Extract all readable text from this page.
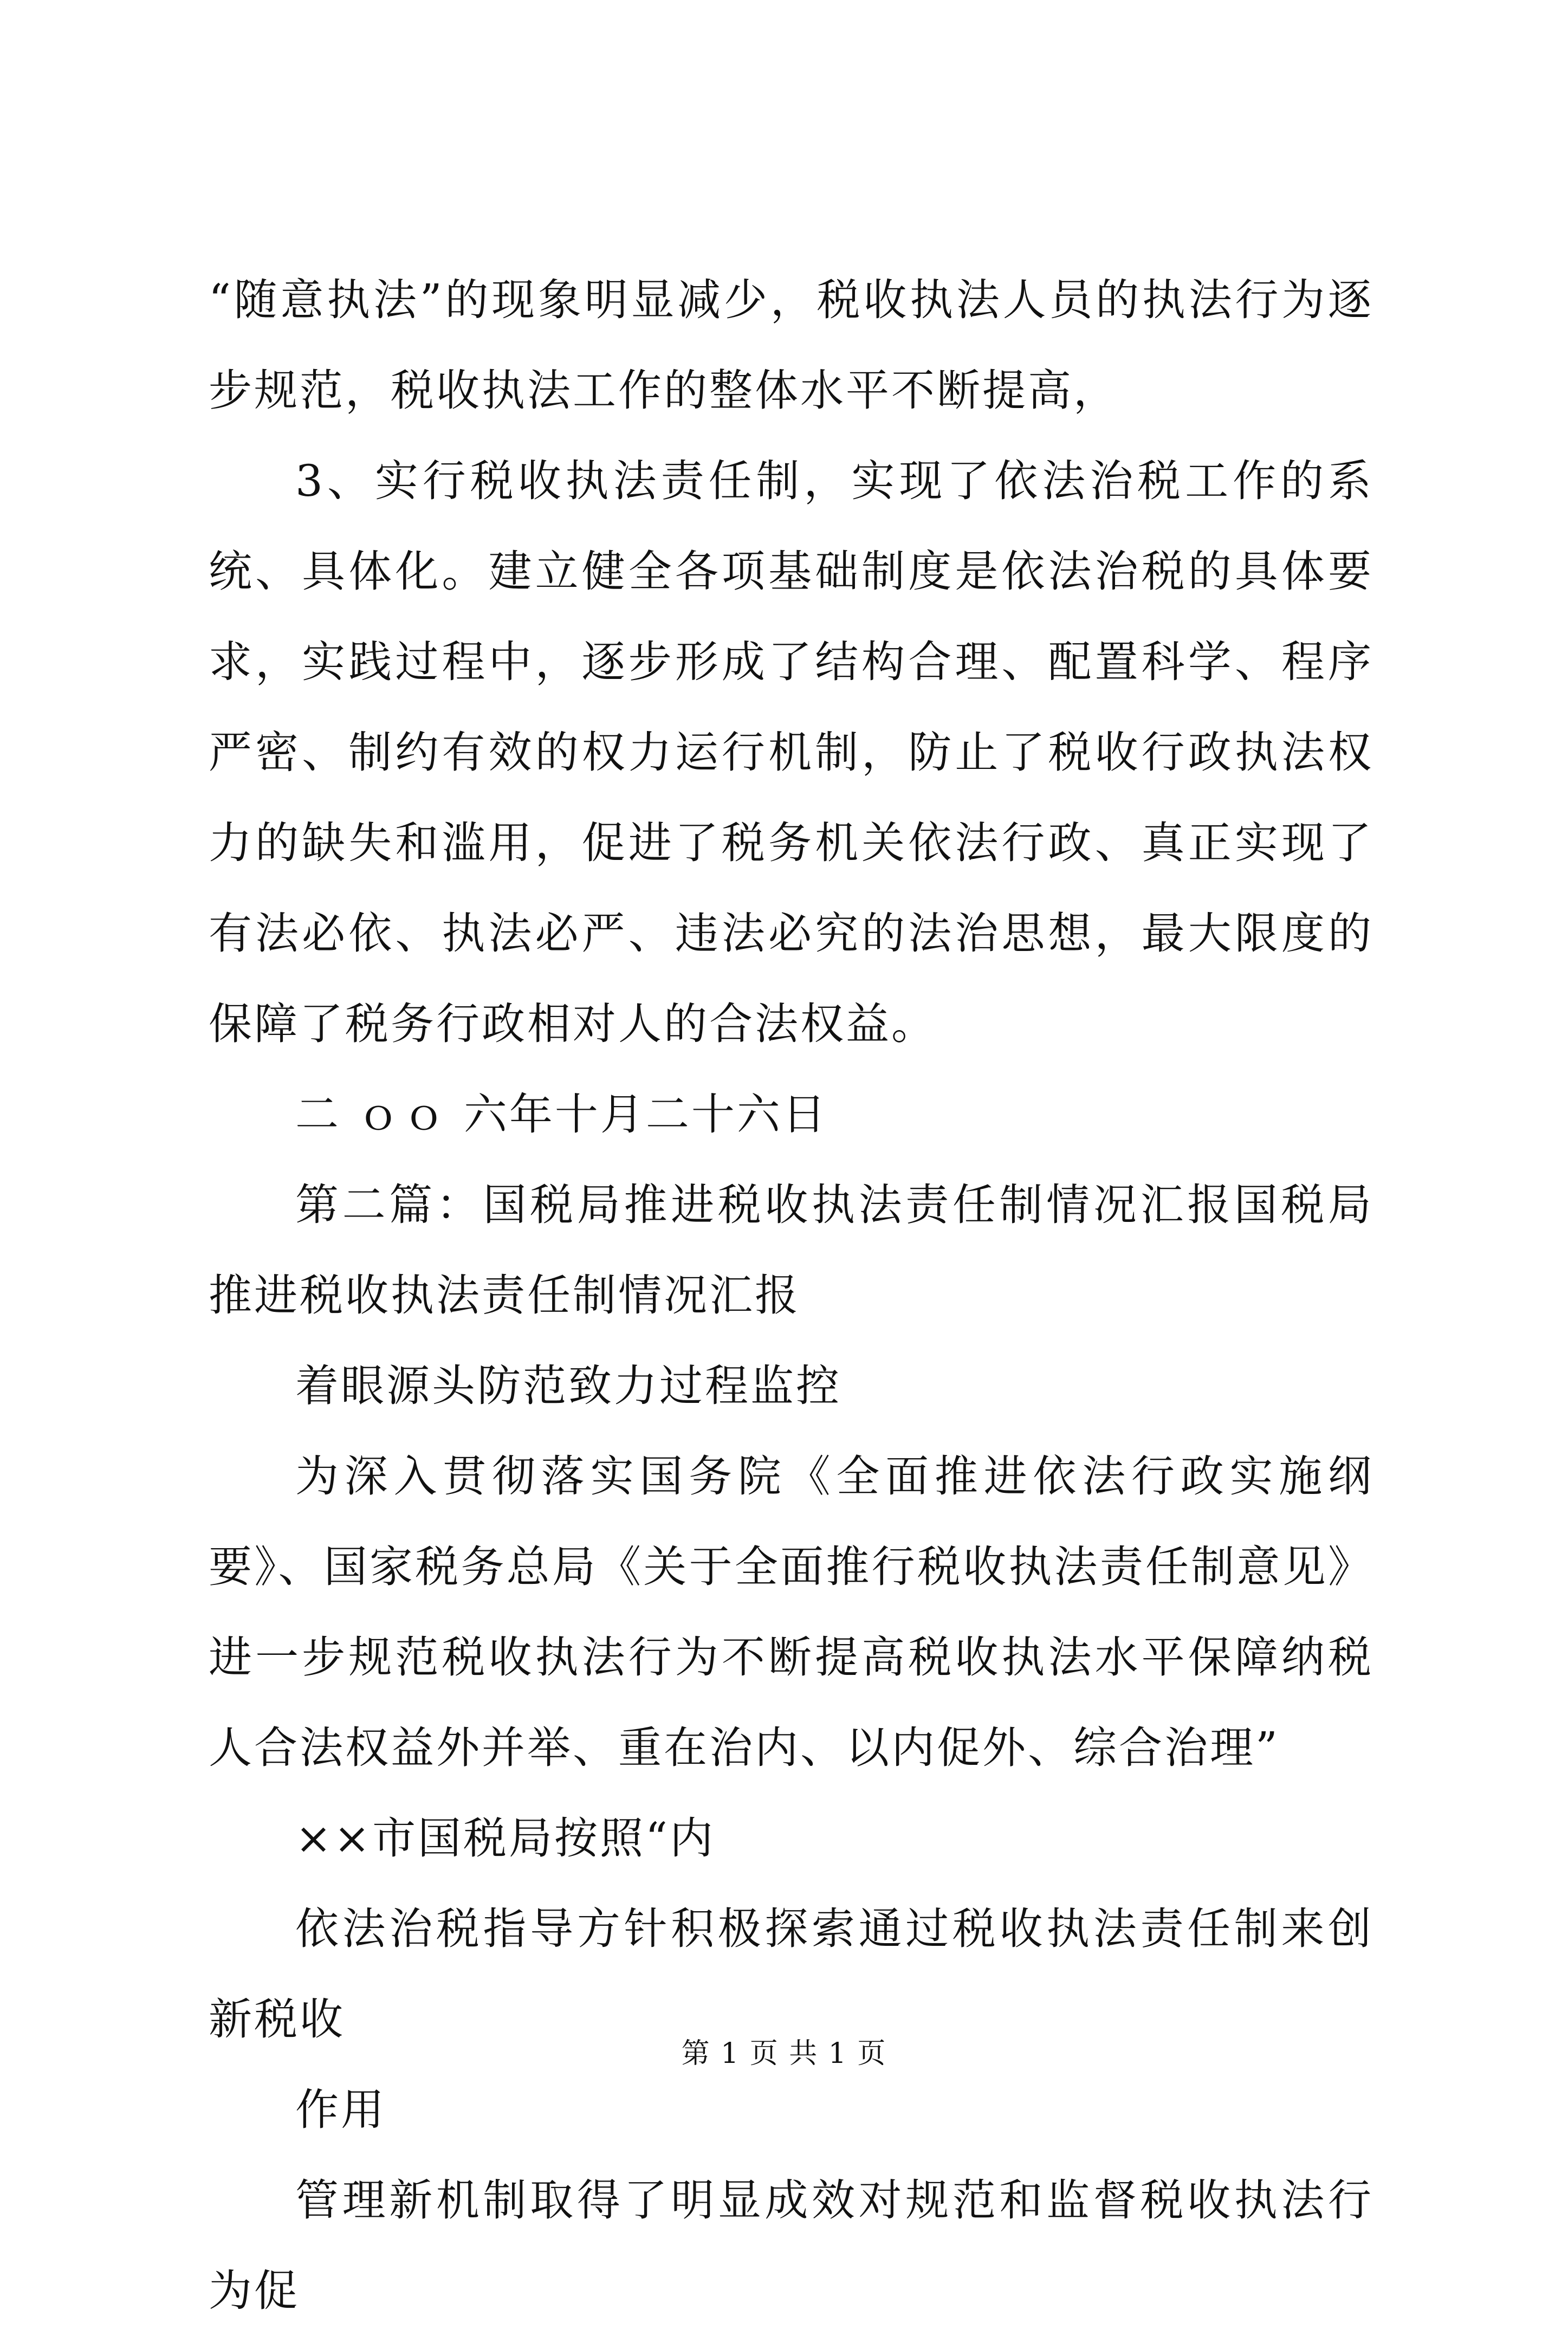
“随意执法”的现象明显减少，税收执法人员的执法行为逐步规范，税收执法工作的整体水平不断提高，

3、实行税收执法责任制，实现了依法治税工作的系统、具体化。建立健全各项基础制度是依法治税的具体要求，实践过程中，逐步形成了结构合理、配置科学、程序严密、制约有效的权力运行机制，防止了税收行政执法权力的缺失和滥用，促进了税务机关依法行政、真正实现了有法必依、执法必严、违法必究的法治思想，最大限度的保障了税务行政相对人的合法权益。

二 ｏｏ 六年十月二十六日

第二篇：国税局推进税收执法责任制情况汇报国税局推进税收执法责任制情况汇报

着眼源头防范致力过程监控

为深入贯彻落实国务院《全面推进依法行政实施纲要》、国家税务总局《关于全面推行税收执法责任制意见》进一步规范税收执法行为不断提高税收执法水平保障纳税人合法权益外并举、重在治内、以内促外、综合治理”

××市国税局按照“内

依法治税指导方针积极探索通过税收执法责任制来创新税收

作用

管理新机制取得了明显成效对规范和监督税收执法行为促

第 1 页 共 1 页
